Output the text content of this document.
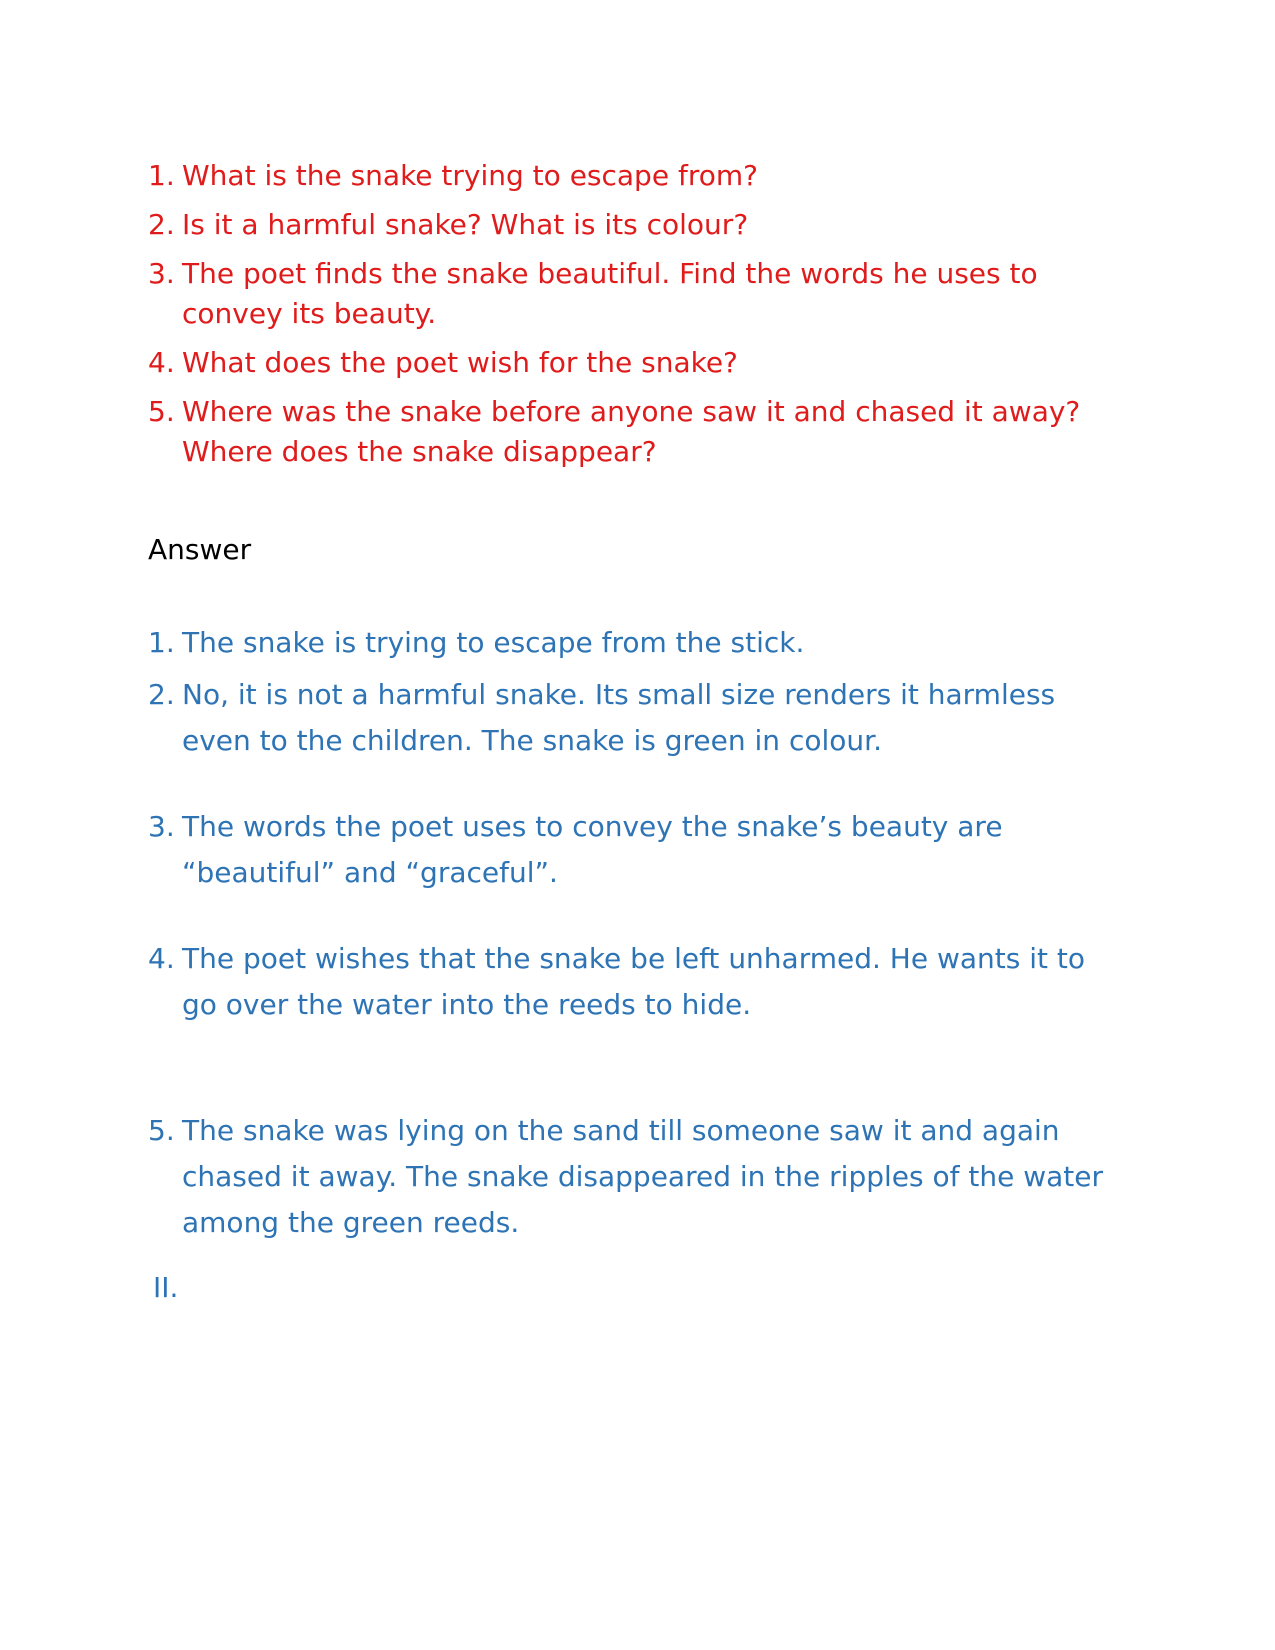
1. What is the snake trying to escape from?
2. Is it a harmful snake? What is its colour?
3. The poet finds the snake beautiful. Find the words he uses to convey its beauty.
4. What does the poet wish for the snake?
5. Where was the snake before anyone saw it and chased it away? Where does the snake disappear?
Answer
1. The snake is trying to escape from the stick.
2. No, it is not a harmful snake. Its small size renders it harmless even to the children. The snake is green in colour.
3. The words the poet uses to convey the snake’s beauty are “beautiful” and “graceful”.
4. The poet wishes that the snake be left unharmed. He wants it to go over the water into the reeds to hide.
5. The snake was lying on the sand till someone saw it and again chased it away. The snake disappeared in the ripples of the water among the green reeds.
II.
